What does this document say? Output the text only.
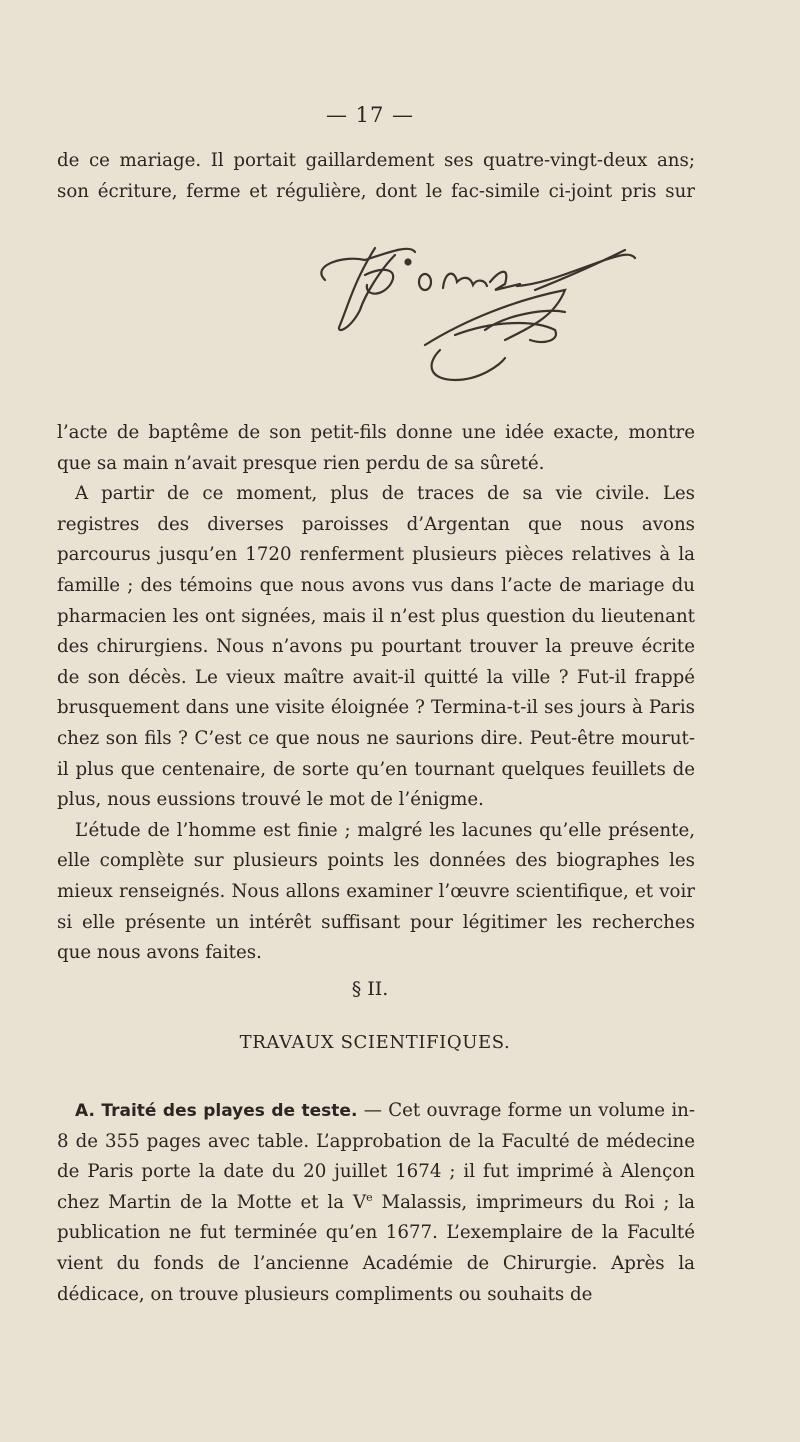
— 17 —

de ce mariage. Il portait gaillardement ses quatre-vingt-deux ans;

son écriture, ferme et régulière, dont le fac-simile ci-joint pris sur

l’acte de baptême de son petit-fils donne une idée exacte, montre que sa main n’avait presque rien perdu de sa sûreté.

A partir de ce moment, plus de traces de sa vie civile. Les registres des diverses paroisses d’Argentan que nous avons parcourus jusqu’en 1720 renferment plusieurs pièces relatives à la famille ; des témoins que nous avons vus dans l’acte de mariage du pharmacien les ont signées, mais il n’est plus question du lieutenant des chirurgiens. Nous n’avons pu pourtant trouver la preuve écrite de son décès. Le vieux maître avait-il quitté la ville ? Fut-il frappé brusquement dans une visite éloignée ? Termina-t-il ses jours à Paris chez son fils ? C’est ce que nous ne saurions dire. Peut-être mourut-il plus que centenaire, de sorte qu’en tournant quelques feuillets de plus, nous eussions trouvé le mot de l’énigme.

L’étude de l’homme est finie ; malgré les lacunes qu’elle présente, elle complète sur plusieurs points les données des biographes les mieux renseignés. Nous allons examiner l’œuvre scientifique, et voir si elle présente un intérêt suffisant pour légitimer les recherches que nous avons faites.

§ II.
TRAVAUX SCIENTIFIQUES.

A. Traité des playes de teste. — Cet ouvrage forme un volume in-8 de 355 pages avec table. L’approbation de la Faculté de médecine de Paris porte la date du 20 juillet 1674 ; il fut imprimé à Alençon chez Martin de la Motte et la Ve Malassis, imprimeurs du Roi ; la publication ne fut terminée qu’en 1677. L’exemplaire de la Faculté vient du fonds de l’ancienne Académie de Chirurgie. Après la dédicace, on trouve plusieurs compliments ou souhaits de
